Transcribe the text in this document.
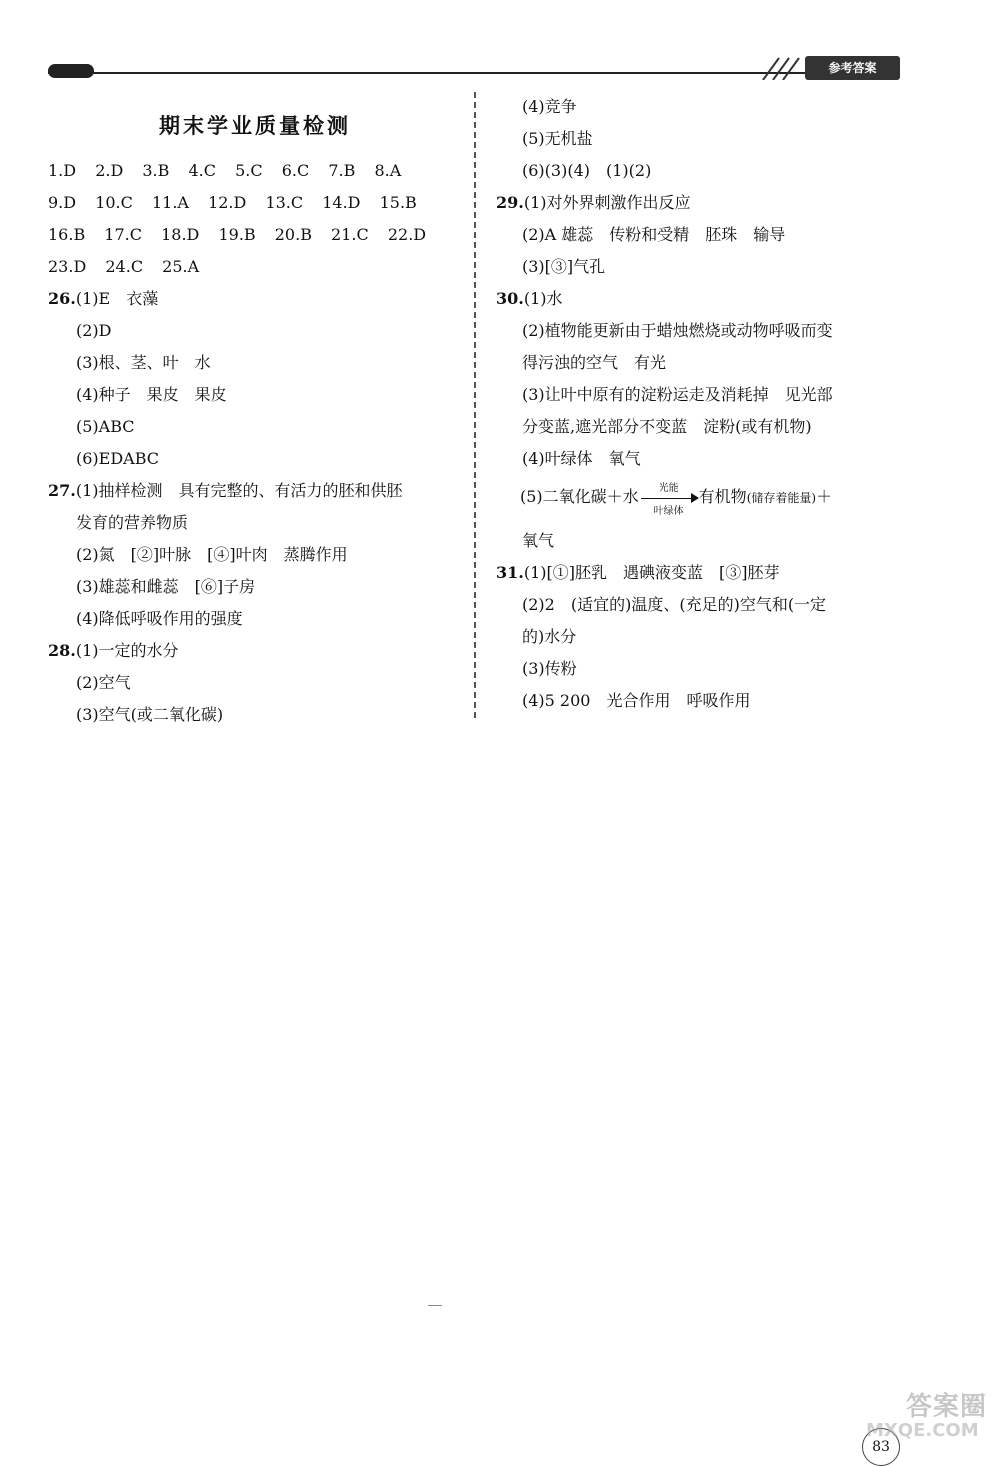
参考答案
期末学业质量检测
1.D 2.D 3.B 4.C 5.C 6.C 7.B 8.A
9.D 10.C 11.A 12.D 13.C 14.D 15.B
16.B 17.C 18.D 19.B 20.B 21.C 22.D
23.D 24.C 25.A
26.(1)E　衣藻
(2)D
(3)根、茎、叶　水
(4)种子　果皮　果皮
(5)ABC
(6)EDABC
27.(1)抽样检测　具有完整的、有活力的胚和供胚
发育的营养物质
(2)氮　[②]叶脉　[④]叶肉　蒸腾作用
(3)雄蕊和雌蕊　[⑥]子房
(4)降低呼吸作用的强度
28.(1)一定的水分
(2)空气
(3)空气(或二氧化碳)
(4)竞争
(5)无机盐
(6)(3)(4)　(1)(2)
29.(1)对外界刺激作出反应
(2)A 雄蕊　传粉和受精　胚珠　输导
(3)[③]气孔
30.(1)水
(2)植物能更新由于蜡烛燃烧或动物呼吸而变
得污浊的空气　有光
(3)让叶中原有的淀粉运走及消耗掉　见光部
分变蓝,遮光部分不变蓝　淀粉(或有机物)
(4)叶绿体　氧气
(5)二氧化碳＋水	光能
叶绿体
有机物(储存着能量)＋
氧气
31.(1)[①]胚乳　遇碘液变蓝　[③]胚芽
(2)2　(适宜的)温度、(充足的)空气和(一定
的)水分
(3)传粉
(4)5 200　光合作用　呼吸作用
83
答案圈
MXQE.COM
